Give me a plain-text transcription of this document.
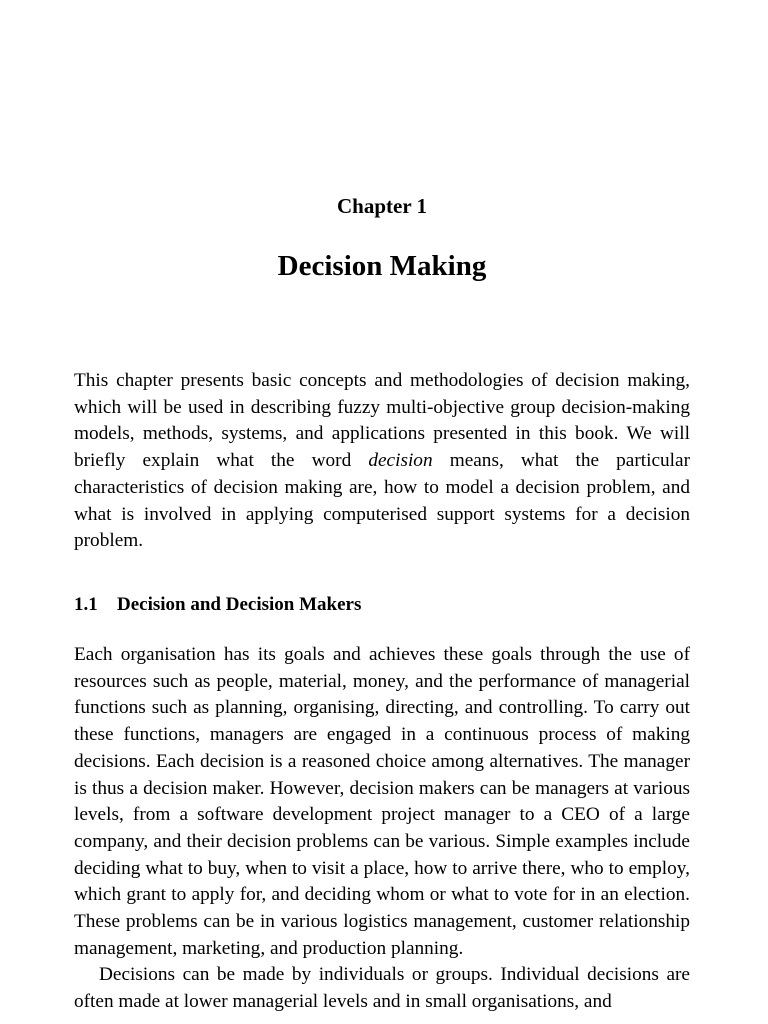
Chapter 1
Decision Making
This chapter presents basic concepts and methodologies of decision making, which will be used in describing fuzzy multi-objective group decision-making models, methods, systems, and applications presented in this book. We will briefly explain what the word decision means, what the particular characteristics of decision making are, how to model a decision problem, and what is involved in applying computerised support systems for a decision problem.
1.1 Decision and Decision Makers

Each organisation has its goals and achieves these goals through the use of resources such as people, material, money, and the performance of managerial functions such as planning, organising, directing, and controlling. To carry out these functions, managers are engaged in a continuous process of making decisions. Each decision is a reasoned choice among alternatives. The manager is thus a decision maker. However, decision makers can be managers at various levels, from a software development project manager to a CEO of a large company, and their decision problems can be various. Simple examples include deciding what to buy, when to visit a place, how to arrive there, who to employ, which grant to apply for, and deciding whom or what to vote for in an election. These problems can be in various logistics management, customer relationship management, marketing, and production planning.

Decisions can be made by individuals or groups. Individual decisions are often made at lower managerial levels and in small organisations, and
